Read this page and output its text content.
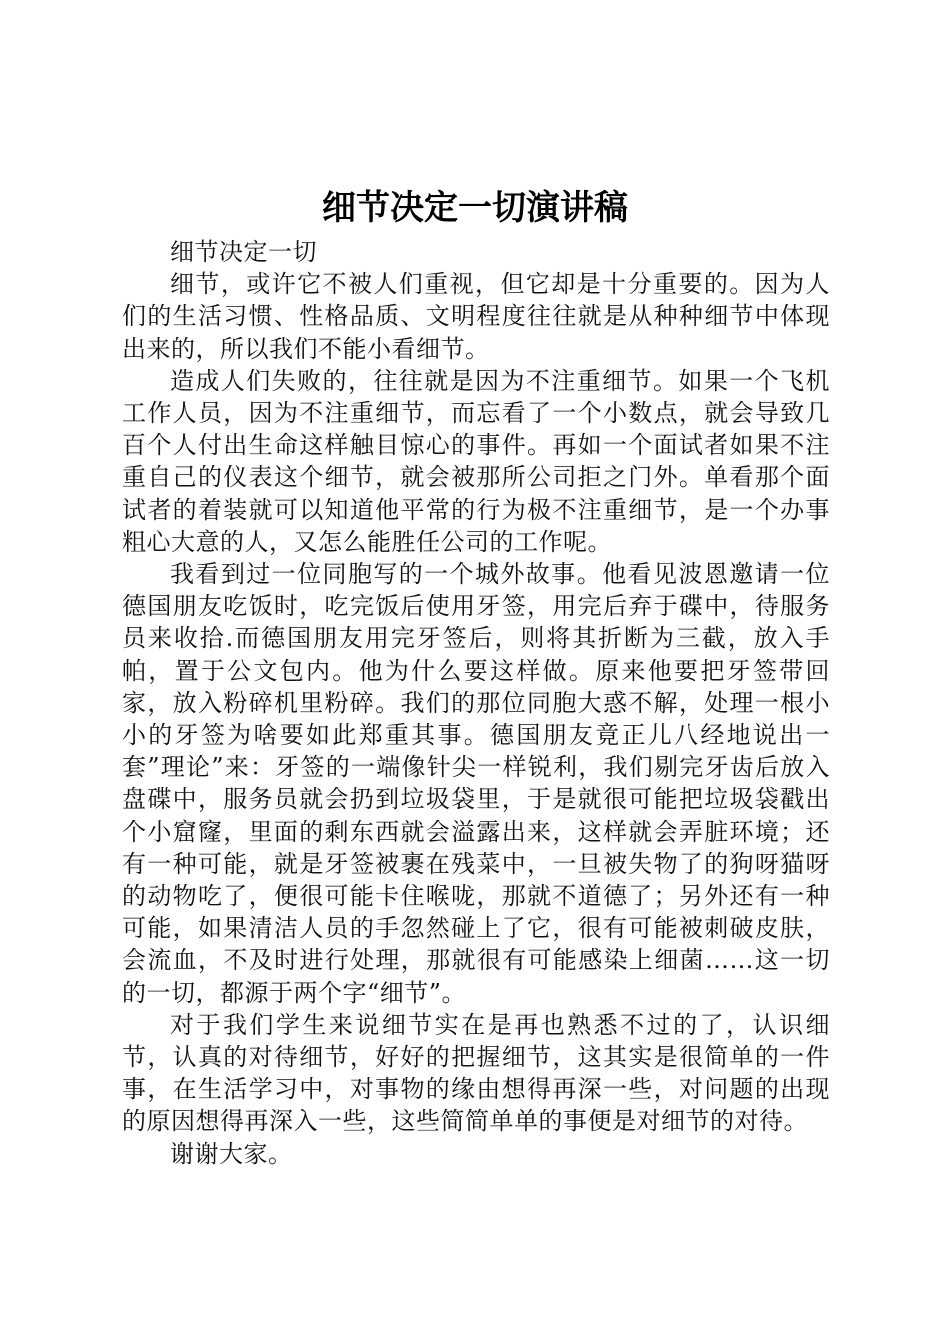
细节决定一切演讲稿

细节决定一切

细节，或许它不被人们重视，但它却是十分重要的。因为人们的生活习惯、性格品质、文明程度往往就是从种种细节中体现出来的，所以我们不能小看细节。

造成人们失败的，往往就是因为不注重细节。如果一个飞机工作人员，因为不注重细节，而忘看了一个小数点，就会导致几百个人付出生命这样触目惊心的事件。再如一个面试者如果不注重自己的仪表这个细节，就会被那所公司拒之门外。单看那个面试者的着装就可以知道他平常的行为极不注重细节，是一个办事粗心大意的人，又怎么能胜任公司的工作呢。

我看到过一位同胞写的一个城外故事。他看见波恩邀请一位德国朋友吃饭时，吃完饭后使用牙签，用完后弃于碟中，待服务员来收拾.而德国朋友用完牙签后，则将其折断为三截，放入手帕，置于公文包内。他为什么要这样做。原来他要把牙签带回家，放入粉碎机里粉碎。我们的那位同胞大惑不解，处理一根小小的牙签为啥要如此郑重其事。德国朋友竟正儿八经地说出一套”理论”来：牙签的一端像针尖一样锐利，我们剔完牙齿后放入盘碟中，服务员就会扔到垃圾袋里，于是就很可能把垃圾袋戳出个小窟窿，里面的剩东西就会溢露出来，这样就会弄脏环境；还有一种可能，就是牙签被裹在残菜中，一旦被失物了的狗呀猫呀的动物吃了，便很可能卡住喉咙，那就不道德了；另外还有一种可能，如果清洁人员的手忽然碰上了它，很有可能被刺破皮肤，会流血，不及时进行处理，那就很有可能感染上细菌……这一切的一切，都源于两个字“细节”。

对于我们学生来说细节实在是再也熟悉不过的了，认识细节，认真的对待细节，好好的把握细节，这其实是很简单的一件事，在生活学习中，对事物的缘由想得再深一些，对问题的出现的原因想得再深入一些，这些简简单单的事便是对细节的对待。

谢谢大家。
